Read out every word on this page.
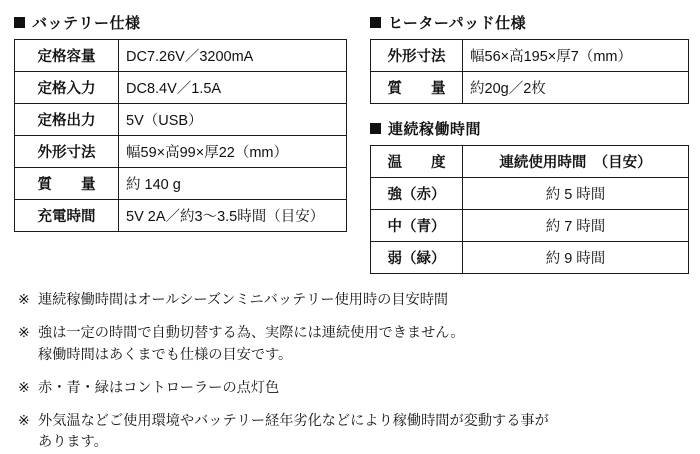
バッテリー仕様
定格容量	DC7.26V／3200mA
定格入力	DC8.4V／1.5A
定格出力	5V（USB）
外形寸法	幅59×高99×厚22（mm）
質　　量	約 140 g
充電時間	5V 2A／約3〜3.5時間（目安）
ヒーターパッド仕様
外形寸法	幅56×高195×厚7（mm）
質　　量	約20g／2枚
連続稼働時間
温　　度	連続使用時間　（目安）
強（赤）	約 5 時間
中（青）	約 7 時間
弱（緑）	約 9 時間
※ 連続稼働時間はオールシーズンミニバッテリー使用時の目安時間
※ 強は一定の時間で自動切替する為、実際には連続使用できません。
稼働時間はあくまでも仕様の目安です。
※ 赤・青・緑はコントローラーの点灯色
※ 外気温などご使用環境やバッテリー経年劣化などにより稼働時間が変動する事が
あります。
